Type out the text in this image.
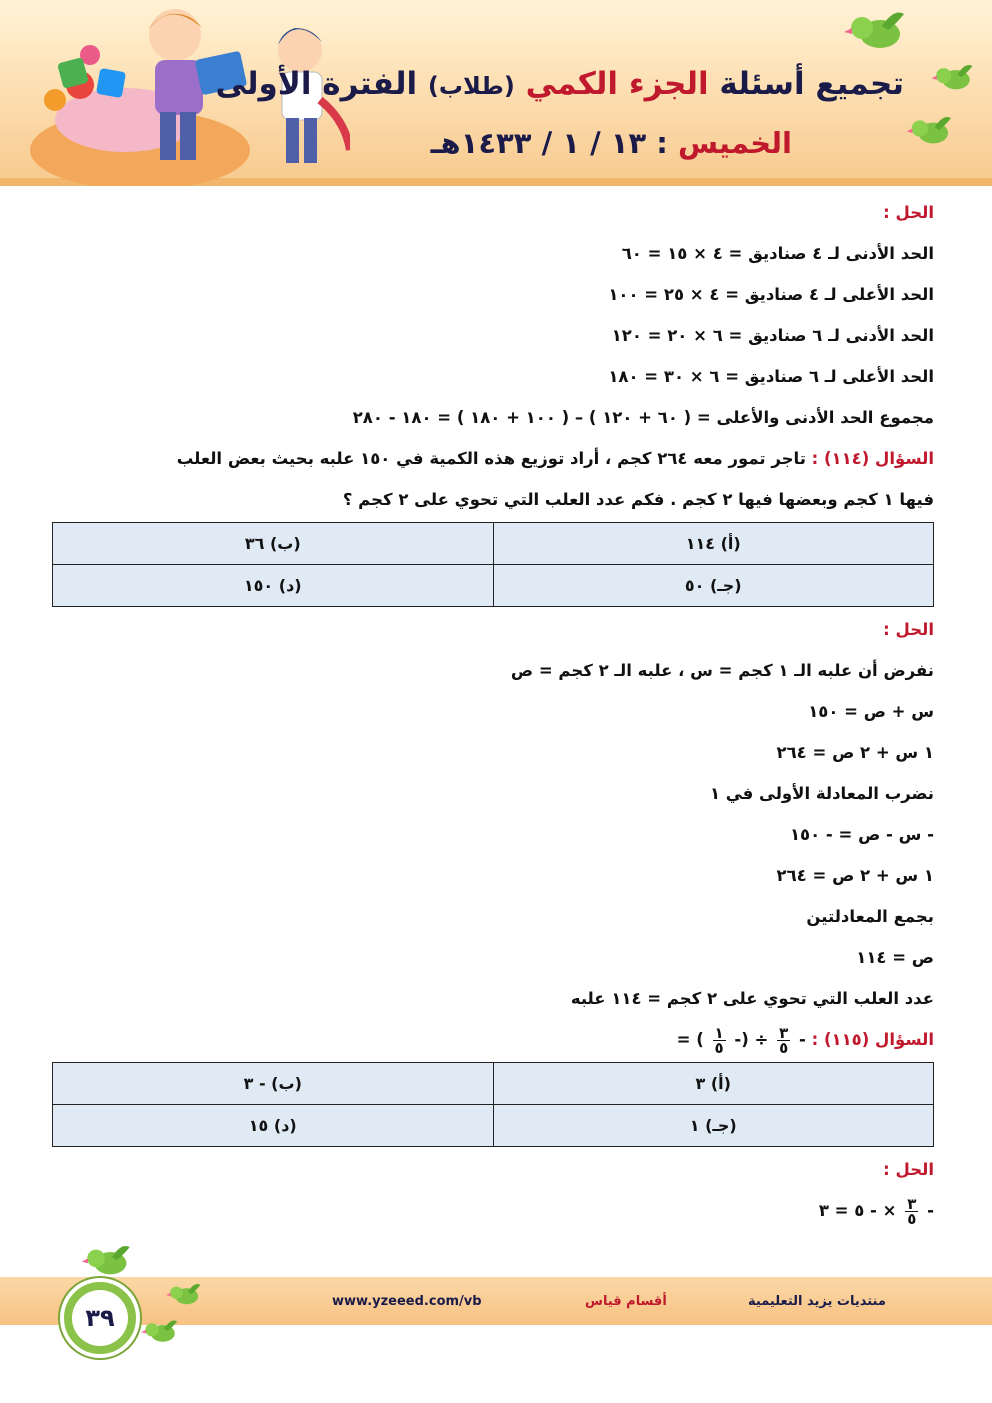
تجميع أسئلة الجزء الكمي (طلاب) الفترة الأولى
الخميس : ١٣ / ١ / ١٤٣٣هـ
الحل :
الحد الأدنى لـ ٤ صناديق = ٤ × ١٥ = ٦٠
الحد الأعلى لـ ٤ صناديق = ٤ × ٢٥ = ١٠٠
الحد الأدنى لـ ٦ صناديق = ٦ × ٢٠ = ١٢٠
الحد الأعلى لـ ٦ صناديق = ٦ × ٣٠ = ١٨٠
مجموع الحد الأدنى والأعلى = ( ٦٠ + ١٢٠ ) – ( ١٠٠ + ١٨٠ ) = ١٨٠ - ٢٨٠
السؤال (١١٤) : تاجر تمور معه ٢٦٤ كجم ، أراد توزيع هذه الكمية في ١٥٠ علبه بحيث بعض العلب
فيها ١ كجم وبعضها فيها ٢ كجم . فكم عدد العلب التي تحوي على ٢ كجم ؟
(أ) ١١٤	(ب) ٣٦
(جـ) ٥٠	(د) ١٥٠
الحل :
نفرض أن علبه الـ ١ كجم = س ، علبه الـ ٢ كجم = ص
س + ص = ١٥٠
١ س + ٢ ص = ٢٦٤
نضرب المعادلة الأولى في ١
- س - ص = - ١٥٠
١ س + ٢ ص = ٢٦٤
بجمع المعادلتين
ص = ١١٤
عدد العلب التي تحوي على ٢ كجم = ١١٤ علبه
السؤال (١١٥) : -
$\frac{٣}{٥}$
÷ (-
$\frac{١}{٥}$
) =
(أ) ٣	(ب) - ٣
(جـ) ١	(د) ١٥
الحل :
-
$\frac{٣}{٥}$
× - ٥ = ٣
www.yzeeed.com/vb	أقسام قياس	منتديات يزيد التعليمية
٣٩
